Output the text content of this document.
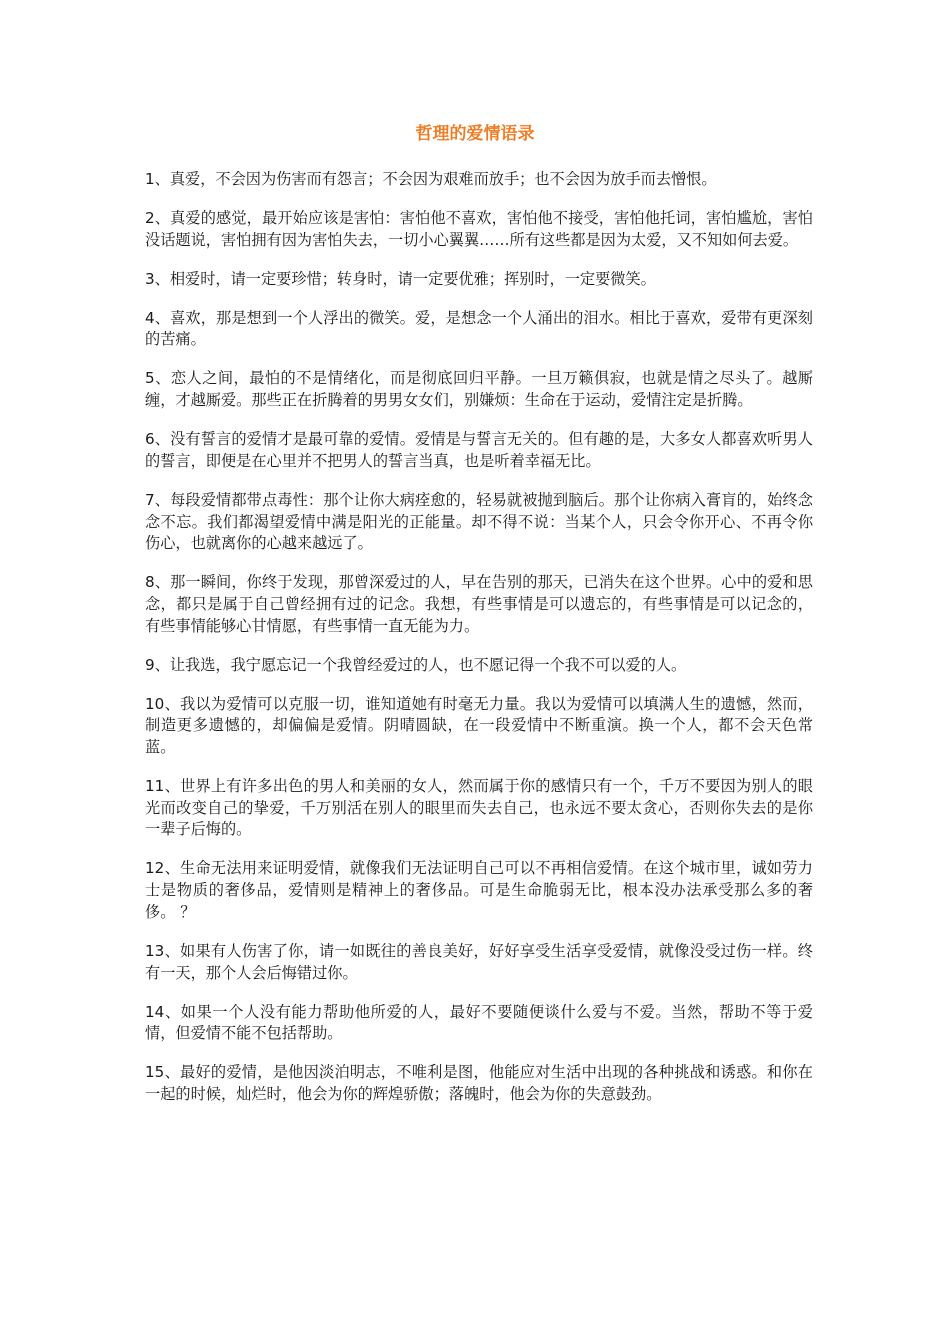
哲理的爱情语录

1、真爱，不会因为伤害而有怨言；不会因为艰难而放手；也不会因为放手而去憎恨。

2、真爱的感觉，最开始应该是害怕：害怕他不喜欢，害怕他不接受，害怕他托词，害怕尴尬，害怕没话题说，害怕拥有因为害怕失去，一切小心翼翼……所有这些都是因为太爱，又不知如何去爱。

3、相爱时，请一定要珍惜；转身时，请一定要优雅；挥别时，一定要微笑。

4、喜欢，那是想到一个人浮出的微笑。爱，是想念一个人涌出的泪水。相比于喜欢，爱带有更深刻的苦痛。

5、恋人之间，最怕的不是情绪化，而是彻底回归平静。一旦万籁俱寂，也就是情之尽头了。越厮缠，才越厮爱。那些正在折腾着的男男女女们，别嫌烦：生命在于运动，爱情注定是折腾。

6、没有誓言的爱情才是最可靠的爱情。爱情是与誓言无关的。但有趣的是，大多女人都喜欢听男人的誓言，即便是在心里并不把男人的誓言当真，也是听着幸福无比。

7、每段爱情都带点毒性：那个让你大病痊愈的，轻易就被抛到脑后。那个让你病入膏肓的，始终念念不忘。我们都渴望爱情中满是阳光的正能量。却不得不说：当某个人，只会令你开心、不再令你伤心，也就离你的心越来越远了。

8、那一瞬间，你终于发现，那曾深爱过的人，早在告别的那天，已消失在这个世界。心中的爱和思念，都只是属于自己曾经拥有过的记念。我想，有些事情是可以遗忘的，有些事情是可以记念的，有些事情能够心甘情愿，有些事情一直无能为力。

9、让我选，我宁愿忘记一个我曾经爱过的人，也不愿记得一个我不可以爱的人。

10、我以为爱情可以克服一切，谁知道她有时毫无力量。我以为爱情可以填满人生的遗憾，然而，制造更多遗憾的，却偏偏是爱情。阴晴圆缺，在一段爱情中不断重演。换一个人，都不会天色常蓝。

11、世界上有许多出色的男人和美丽的女人，然而属于你的感情只有一个，千万不要因为别人的眼光而改变自己的挚爱，千万别活在别人的眼里而失去自己，也永远不要太贪心，否则你失去的是你一辈子后悔的。

12、生命无法用来证明爱情，就像我们无法证明自己可以不再相信爱情。在这个城市里，诚如劳力士是物质的奢侈品，爱情则是精神上的奢侈品。可是生命脆弱无比，根本没办法承受那么多的奢侈。 ？

13、如果有人伤害了你，请一如既往的善良美好，好好享受生活享受爱情，就像没受过伤一样。终有一天，那个人会后悔错过你。

14、如果一个人没有能力帮助他所爱的人，最好不要随便谈什么爱与不爱。当然，帮助不等于爱情，但爱情不能不包括帮助。

15、最好的爱情，是他因淡泊明志，不唯利是图，他能应对生活中出现的各种挑战和诱惑。和你在一起的时候，灿烂时，他会为你的辉煌骄傲；落魄时，他会为你的失意鼓劲。
